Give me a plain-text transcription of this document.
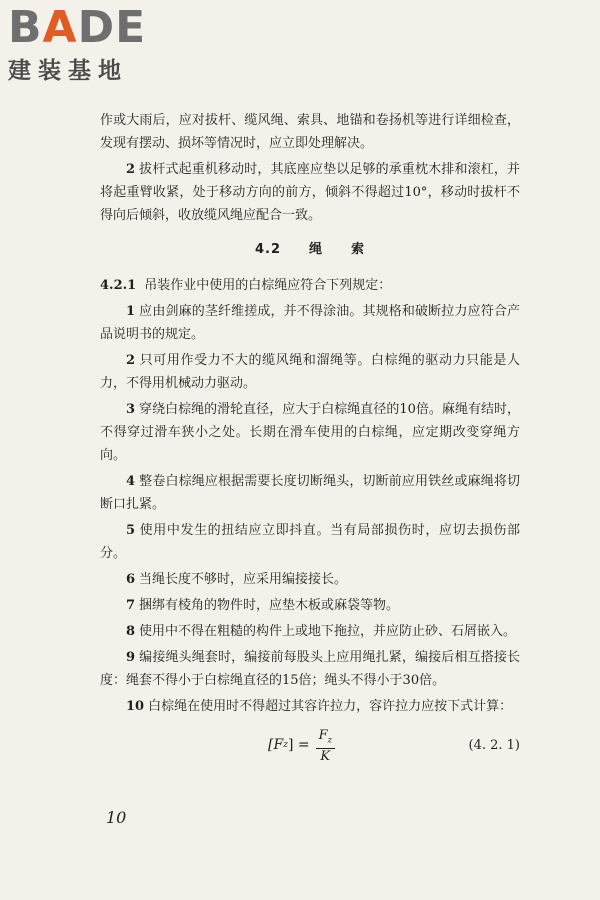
BADE
建装基地

作或大雨后，应对拔杆、缆风绳、索具、地锚和卷扬机等进行详细检查，发现有摆动、损坏等情况时，应立即处理解决。

2 拔杆式起重机移动时，其底座应垫以足够的承重枕木排和滚杠，并将起重臂收紧，处于移动方向的前方，倾斜不得超过10°，移动时拔杆不得向后倾斜，收放缆风绳应配合一致。

4.2 绳 索

4.2.1 吊装作业中使用的白棕绳应符合下列规定：

1 应由剑麻的茎纤维搓成，并不得涂油。其规格和破断拉力应符合产品说明书的规定。

2 只可用作受力不大的缆风绳和溜绳等。白棕绳的驱动力只能是人力，不得用机械动力驱动。

3 穿绕白棕绳的滑轮直径，应大于白棕绳直径的10倍。麻绳有结时，不得穿过滑车狭小之处。长期在滑车使用的白棕绳，应定期改变穿绳方向。

4 整卷白棕绳应根据需要长度切断绳头，切断前应用铁丝或麻绳将切断口扎紧。

5 使用中发生的扭结应立即抖直。当有局部损伤时，应切去损伤部分。

6 当绳长度不够时，应采用编接接长。

7 捆绑有棱角的物件时，应垫木板或麻袋等物。

8 使用中不得在粗糙的构件上或地下拖拉，并应防止砂、石屑嵌入。

9 编接绳头绳套时，编接前每股头上应用绳扎紧，编接后相互搭接长度：绳套不得小于白棕绳直径的15倍；绳头不得小于30倍。

10 白棕绳在使用时不得超过其容许拉力，容许拉力应按下式计算：

[F z ] = $\frac{F_z}{K}$	(4. 2. 1)
10
